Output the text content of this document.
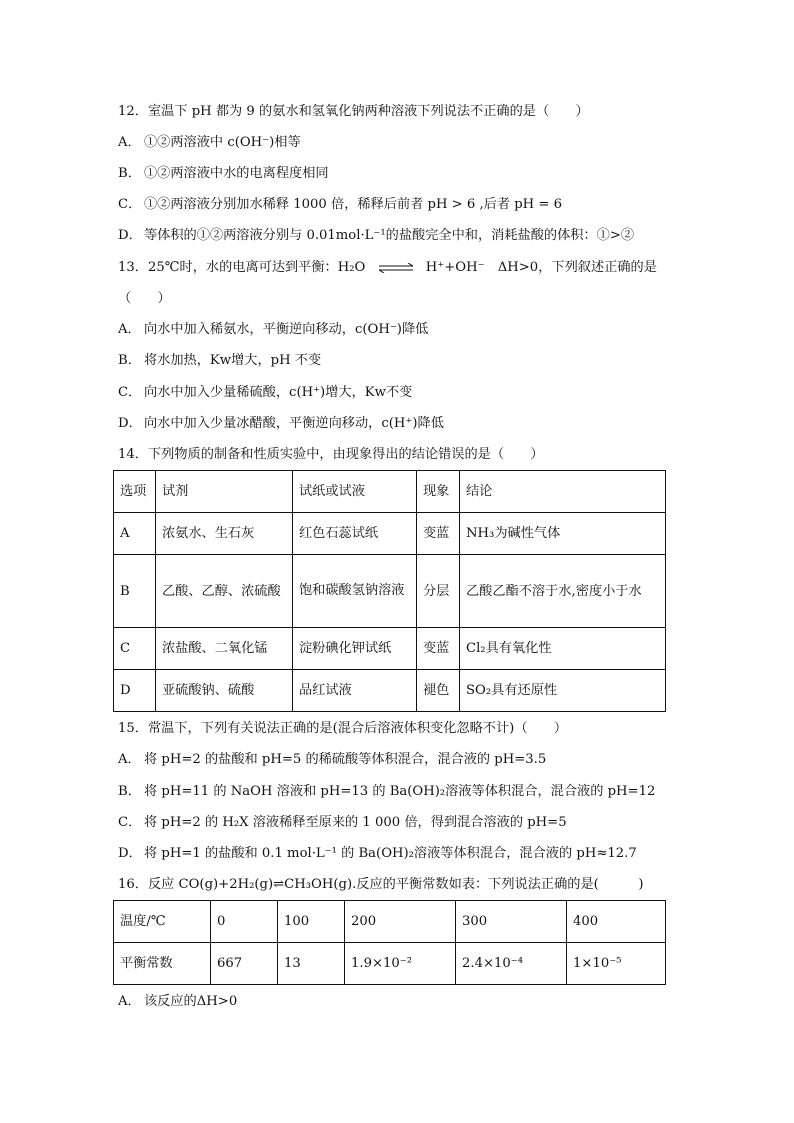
12．室温下 pH 都为 9 的氨水和氢氧化钠两种溶液下列说法不正确的是（　　）
A． ①②两溶液中 c(OH⁻)相等
B． ①②两溶液中水的电离程度相同
C． ①②两溶液分别加水稀释 1000 倍，稀释后前者 pH > 6 ,后者 pH = 6
D． 等体积的①②两溶液分别与 0.01mol·L⁻¹的盐酸完全中和，消耗盐酸的体积：①>②
13．25℃时，水的电离可达到平衡：H₂O ⇌ H⁺+OH⁻　ΔH>0，下列叙述正确的是
（　　）
A． 向水中加入稀氨水，平衡逆向移动，c(OH⁻)降低
B． 将水加热，Kw增大，pH 不变
C． 向水中加入少量稀硫酸，c(H⁺)增大，Kw不变
D． 向水中加入少量冰醋酸，平衡逆向移动，c(H⁺)降低
14．下列物质的制备和性质实验中，由现象得出的结论错误的是（　　）
选项	试剂	试纸或试液	现象	结论
A	浓氨水、生石灰	红色石蕊试纸	变蓝	NH₃为碱性气体
B	乙酸、乙醇、浓硫酸	饱和碳酸氢钠溶液	分层	乙酸乙酯不溶于水,密度小于水
C	浓盐酸、二氧化锰	淀粉碘化钾试纸	变蓝	Cl₂具有氧化性
D	亚硫酸钠、硫酸	品红试液	褪色	SO₂具有还原性
15．常温下，下列有关说法正确的是(混合后溶液体积变化忽略不计)（　　）
A． 将 pH=2 的盐酸和 pH=5 的稀硫酸等体积混合，混合液的 pH=3.5
B． 将 pH=11 的 NaOH 溶液和 pH=13 的 Ba(OH)₂溶液等体积混合，混合液的 pH=12
C． 将 pH=2 的 H₂X 溶液稀释至原来的 1 000 倍，得到混合溶液的 pH=5
D． 将 pH=1 的盐酸和 0.1 mol·L⁻¹ 的 Ba(OH)₂溶液等体积混合，混合液的 pH≈12.7
16．反应 CO(g)+2H₂(g)⇌CH₃OH(g).反应的平衡常数如表：下列说法正确的是(　　　)
温度/℃	0	100	200	300	400
平衡常数	667	13	1.9×10⁻²	2.4×10⁻⁴	1×10⁻⁵
A． 该反应的ΔH>0
